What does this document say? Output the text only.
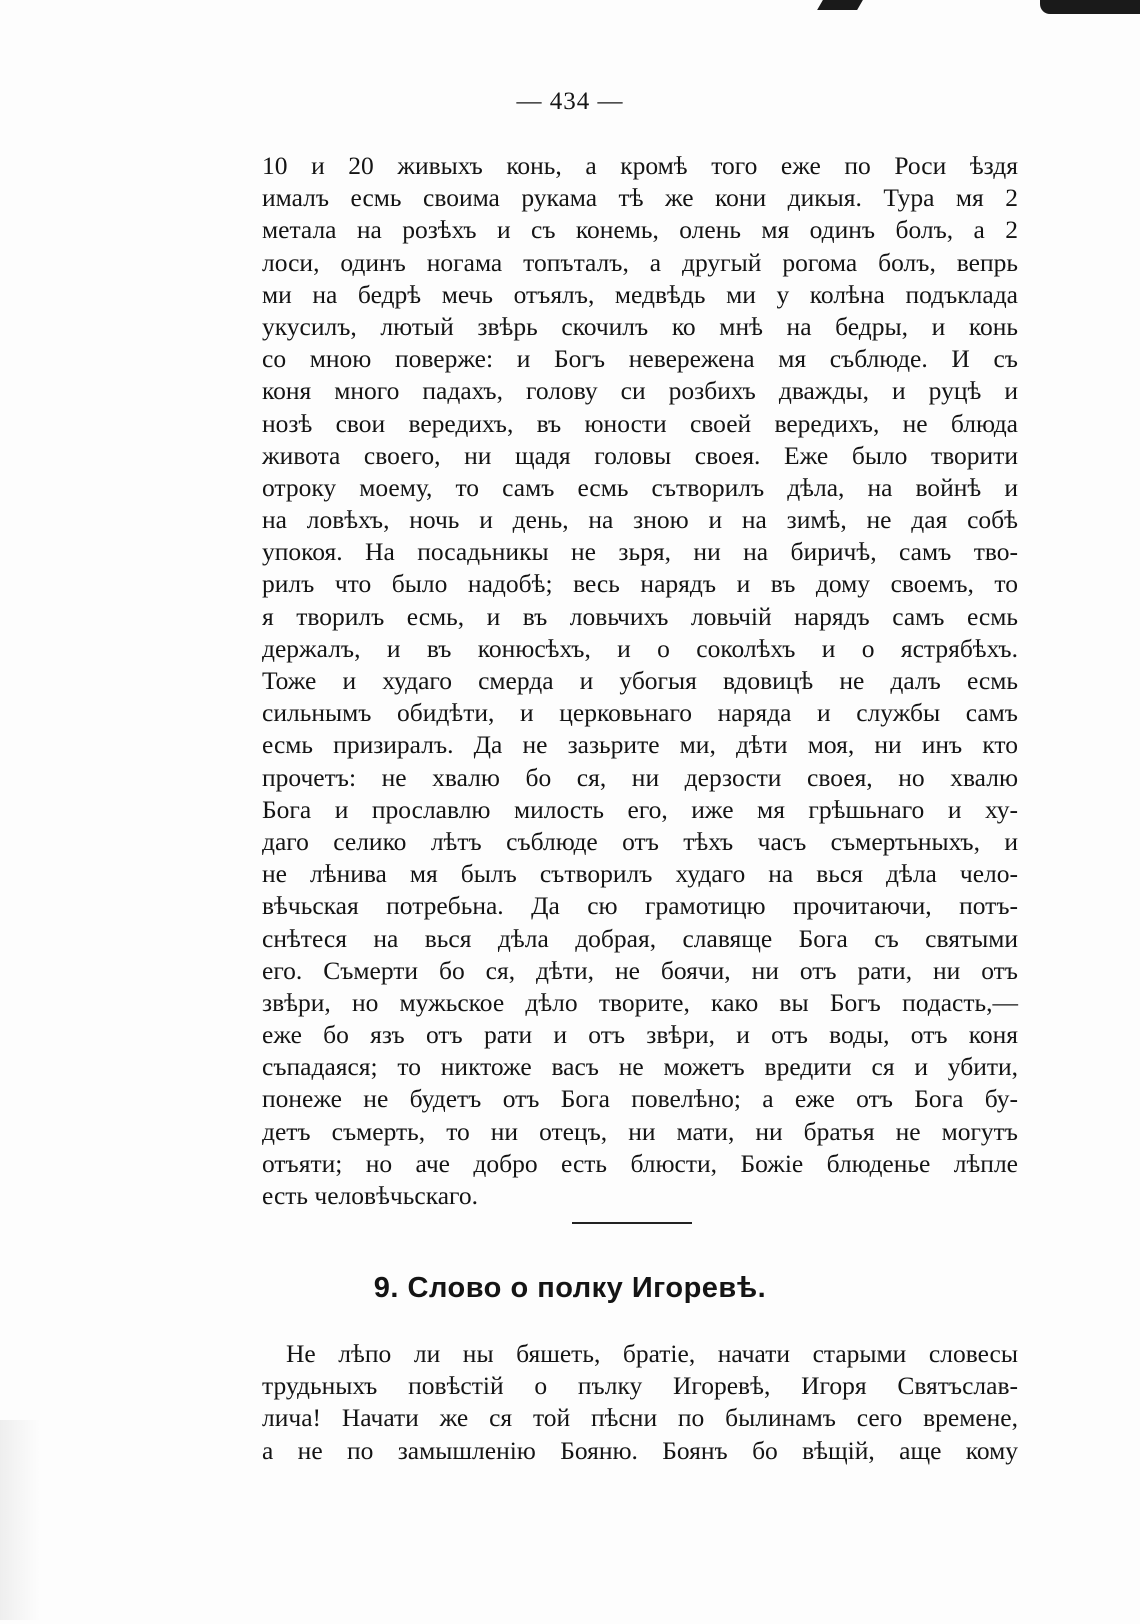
— 434 —
10 и 20 живыхъ конь, а кромѣ того еже по Роси ѣздя
ималъ есмь своима рукама тѣ же кони дикыя. Тура мя 2
метала на розѣхъ и съ конемь, олень мя одинъ болъ, а 2
лоси, одинъ ногама топъталъ, а другый рогома болъ, вепрь
ми на бедрѣ мечь отъялъ, медвѣдь ми у колѣна подъклада
укусилъ, лютый звѣрь скочилъ ко мнѣ на бедры, и конь
со мною поверже: и Богъ невережена мя съблюде. И съ
коня много падахъ, голову си розбихъ дважды, и руцѣ и
нозѣ свои вередихъ, въ юности своей вередихъ, не блюда
живота своего, ни щадя головы своея. Еже было творити
отроку моему, то самъ есмь сътворилъ дѣла, на войнѣ и
на ловѣхъ, ночь и день, на зною и на зимѣ, не дая собѣ
упокоя. На посадьникы не зьря, ни на биричѣ, самъ тво-
рилъ что было надобѣ; весь нарядъ и въ дому своемъ, то
я творилъ есмь, и въ ловьчихъ ловьчiй нарядъ самъ есмь
держалъ, и въ конюсѣхъ, и о соколѣхъ и о ястрябѣхъ.
Тоже и худаго смерда и убогыя вдовицѣ не далъ есмь
сильнымъ обидѣти, и церковьнаго наряда и службы самъ
есмь призиралъ. Да не зазьрите ми, дѣти моя, ни инъ кто
прочетъ: не хвалю бо ся, ни дерзости своея, но хвалю
Бога и прославлю милость его, иже мя грѣшьнаго и ху-
даго селико лѣтъ съблюде отъ тѣхъ часъ съмертьныхъ, и
не лѣнива мя былъ сътворилъ худаго на вься дѣла чело-
вѣчьская потребьна. Да сю грамотицю прочитаючи, потъ-
снѣтеся на вься дѣла добрая, славяще Бога съ святыми
его. Съмерти бо ся, дѣти, не боячи, ни отъ рати, ни отъ
звѣри, но мужьское дѣло творите, како вы Богъ подасть,—
еже бо язъ отъ рати и отъ звѣри, и отъ воды, отъ коня
съпадаяся; то никтоже васъ не можетъ вредити ся и убити,
понеже не будетъ отъ Бога повелѣно; а еже отъ Бога бу-
детъ съмерть, то ни отецъ, ни мати, ни братья не могутъ
отъяти; но аче добро есть блюсти, Божiе блюденье лѣпле
есть человѣчьскаго.
9. Слово о полку Игоревѣ.
Не лѣпо ли ны бяшеть, братiе, начати старыми словесы
трудьныхъ повѣстiй о пълку Игоревѣ, Игоря Святъслав-
лича! Начати же ся той пѣсни по былинамъ сего времене,
а не по замышленiю Бояню. Боянъ бо вѣщiй, аще кому
